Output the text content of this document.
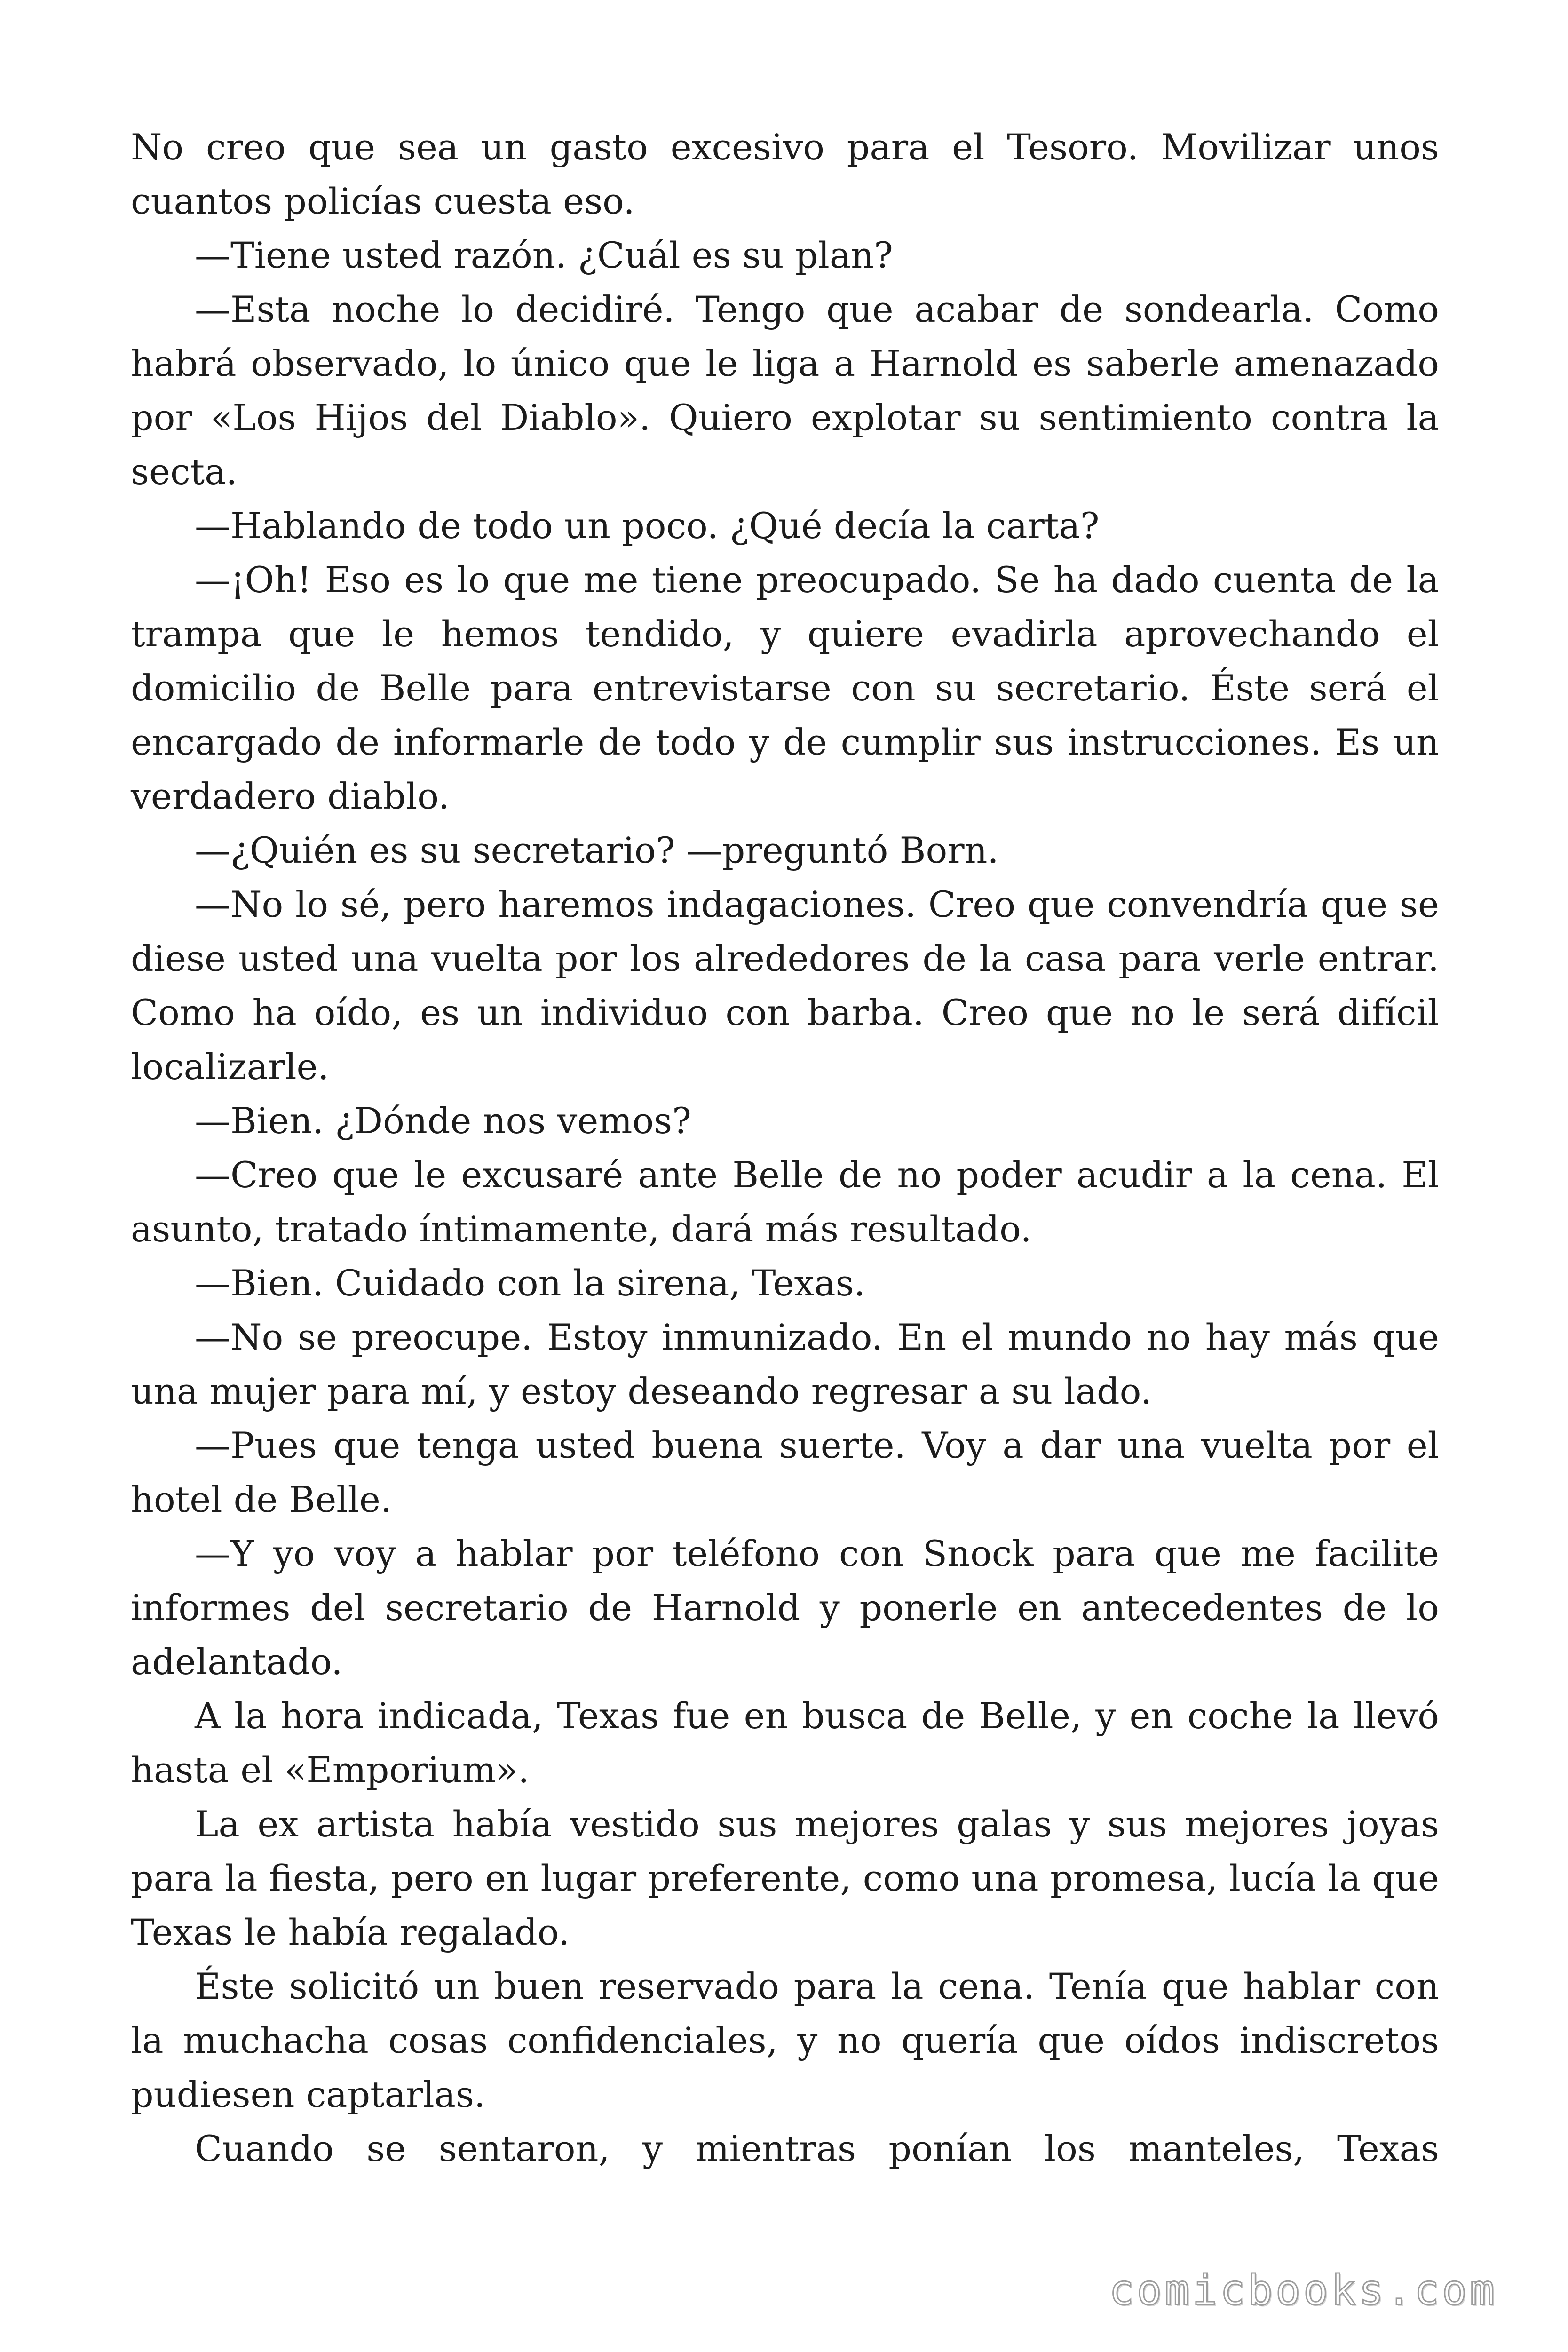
No creo que sea un gasto excesivo para el Tesoro. Movilizar unos cuantos policías cuesta eso.

—Tiene usted razón. ¿Cuál es su plan?

—Esta noche lo decidiré. Tengo que acabar de sondearla. Como habrá observado, lo único que le liga a Harnold es saberle amenazado por «Los Hijos del Diablo». Quiero explotar su sentimiento contra la secta.

—Hablando de todo un poco. ¿Qué decía la carta?

—¡Oh! Eso es lo que me tiene preocupado. Se ha dado cuenta de la trampa que le hemos tendido, y quiere evadirla aprovechando el domicilio de Belle para entrevistarse con su secretario. Éste será el encargado de informarle de todo y de cumplir sus instrucciones. Es un verdadero diablo.

—¿Quién es su secretario? —preguntó Born.

—No lo sé, pero haremos indagaciones. Creo que convendría que se diese usted una vuelta por los alrededores de la casa para verle entrar. Como ha oído, es un individuo con barba. Creo que no le será difícil localizarle.

—Bien. ¿Dónde nos vemos?

—Creo que le excusaré ante Belle de no poder acudir a la cena. El asunto, tratado íntimamente, dará más resultado.

—Bien. Cuidado con la sirena, Texas.

—No se preocupe. Estoy inmunizado. En el mundo no hay más que una mujer para mí, y estoy deseando regresar a su lado.

—Pues que tenga usted buena suerte. Voy a dar una vuelta por el hotel de Belle.

—Y yo voy a hablar por teléfono con Snock para que me facilite informes del secretario de Harnold y ponerle en antecedentes de lo adelantado.

A la hora indicada, Texas fue en busca de Belle, y en coche la llevó hasta el «Emporium».

La ex artista había vestido sus mejores galas y sus mejores joyas para la fiesta, pero en lugar preferente, como una promesa, lucía la que Texas le había regalado.

Éste solicitó un buen reservado para la cena. Tenía que hablar con la muchacha cosas confidenciales, y no quería que oídos indiscretos pudiesen captarlas.

Cuando se sentaron, y mientras ponían los manteles, Texas

comicbooks.com
